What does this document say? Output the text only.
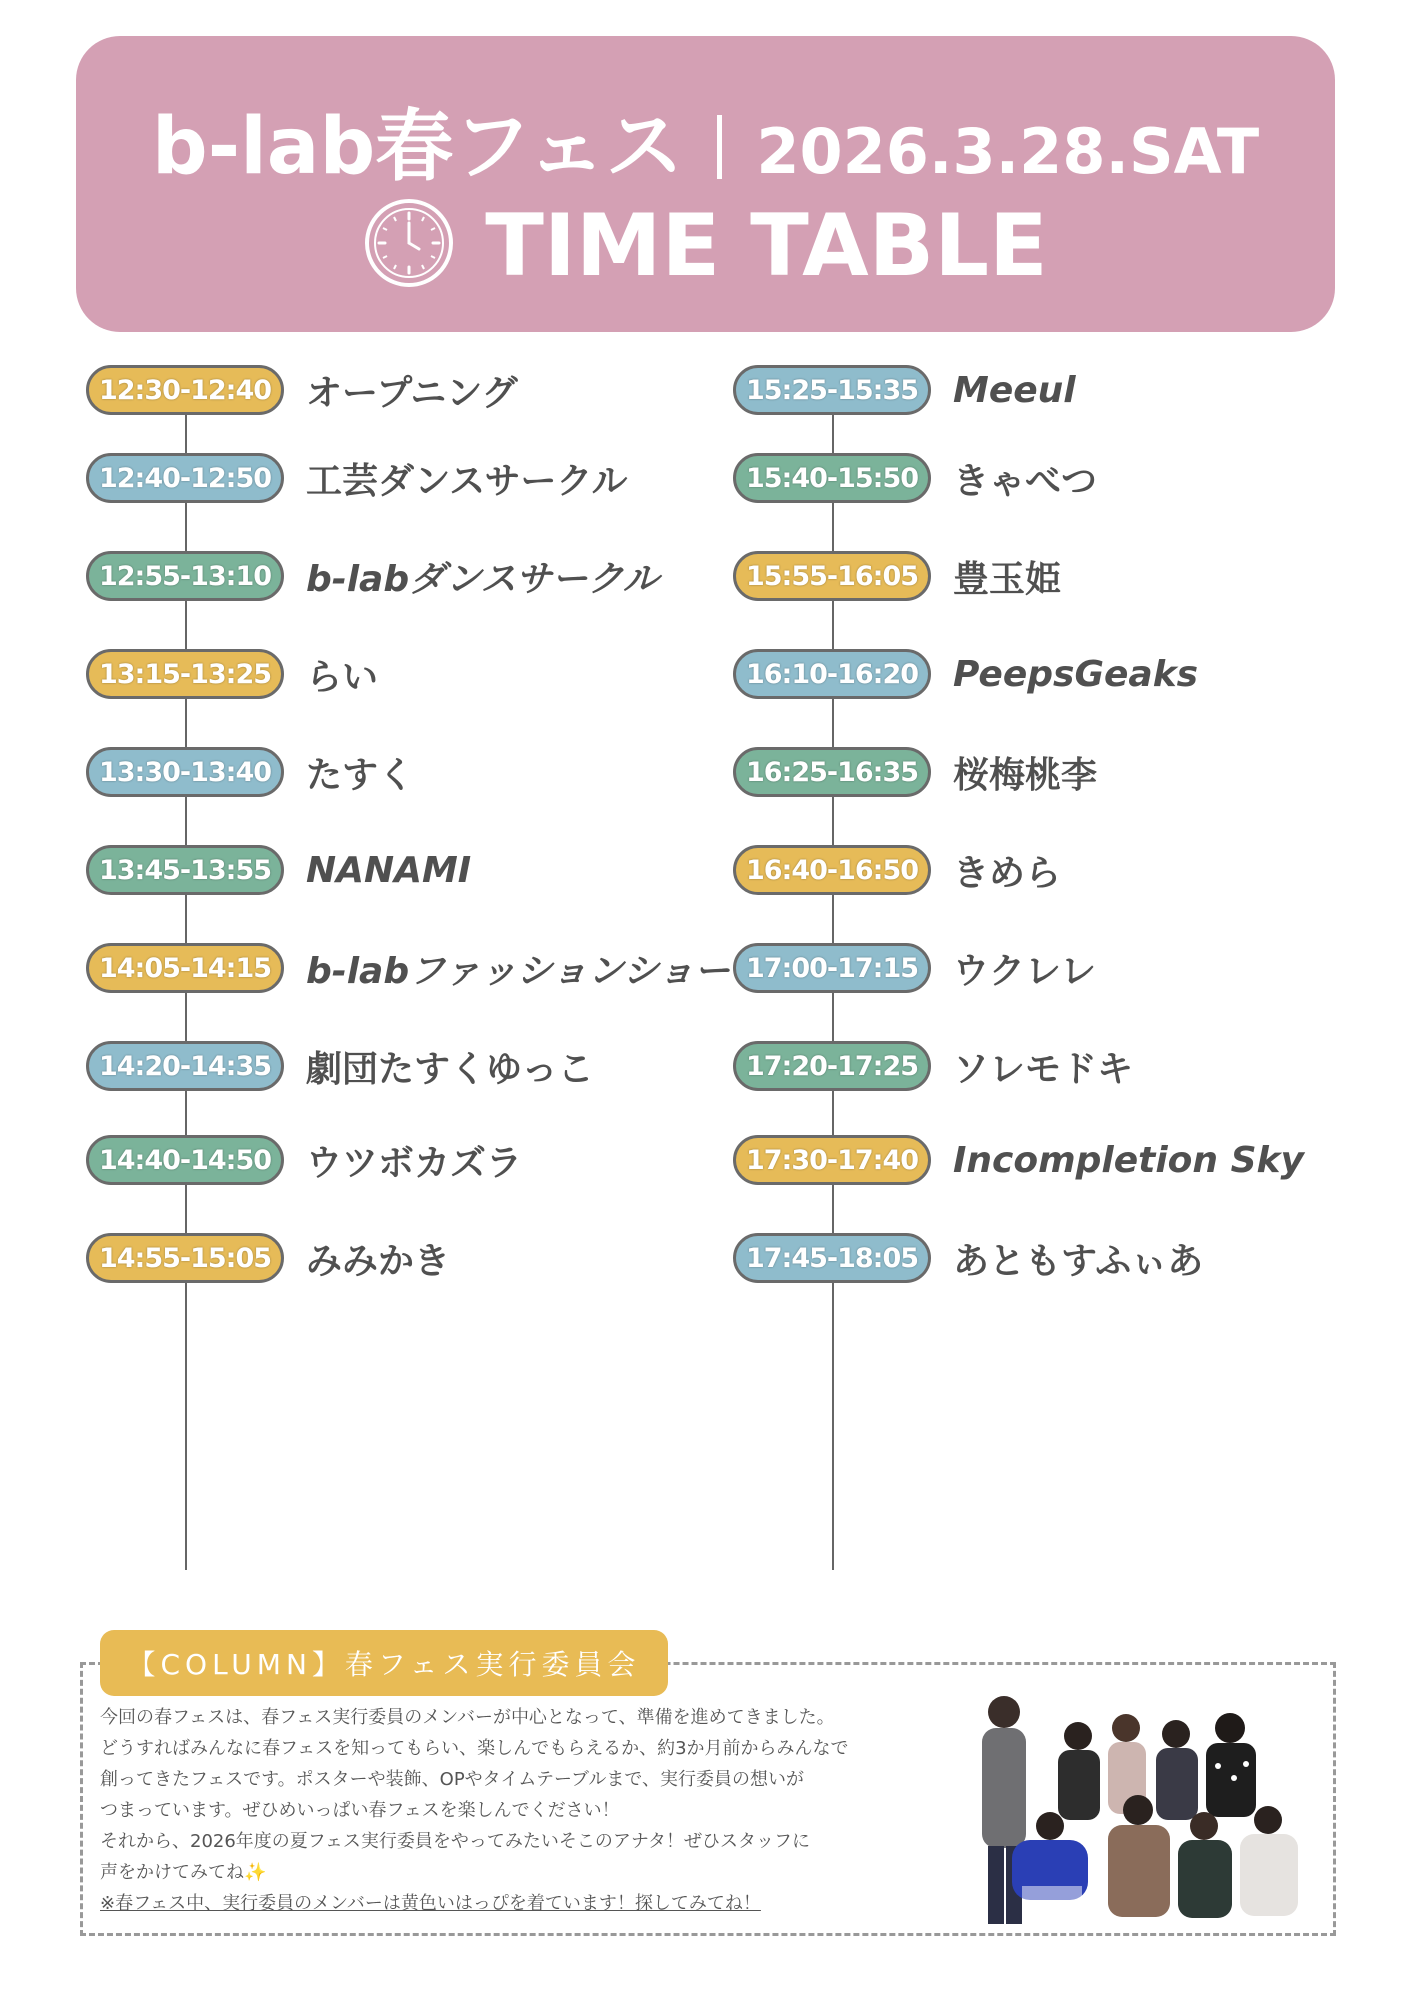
b-lab春フェス 2026.3.28.SAT
TIME TABLE
12:30-12:40 オープニング
12:40-12:50 工芸ダンスサークル
12:55-13:10 b-labダンスサークル
13:15-13:25 らい
13:30-13:40 たすく
13:45-13:55 NANAMI
14:05-14:15 b-labファッションショー
14:20-14:35 劇団たすくゆっこ
14:40-14:50 ウツボカズラ
14:55-15:05 みみかき
15:25-15:35 Meeul
15:40-15:50 きゃべつ
15:55-16:05 豊玉姫
16:10-16:20 PeepsGeaks
16:25-16:35 桜梅桃李
16:40-16:50 きめら
17:00-17:15 ウクレレ
17:20-17:25 ソレモドキ
17:30-17:40 Incompletion Sky
17:45-18:05 あともすふぃあ
【COLUMN】春フェス実行委員会

今回の春フェスは、春フェス実行委員のメンバーが中心となって、準備を進めてきました。

どうすればみんなに春フェスを知ってもらい、楽しんでもらえるか、約3か月前からみんなで

創ってきたフェスです。ポスターや装飾、OPやタイムテーブルまで、実行委員の想いが

つまっています。ぜひめいっぱい春フェスを楽しんでください！

それから、2026年度の夏フェス実行委員をやってみたいそこのアナタ！ぜひスタッフに

声をかけてみてね✨

※春フェス中、実行委員のメンバーは黄色いはっぴを着ています！探してみてね！
